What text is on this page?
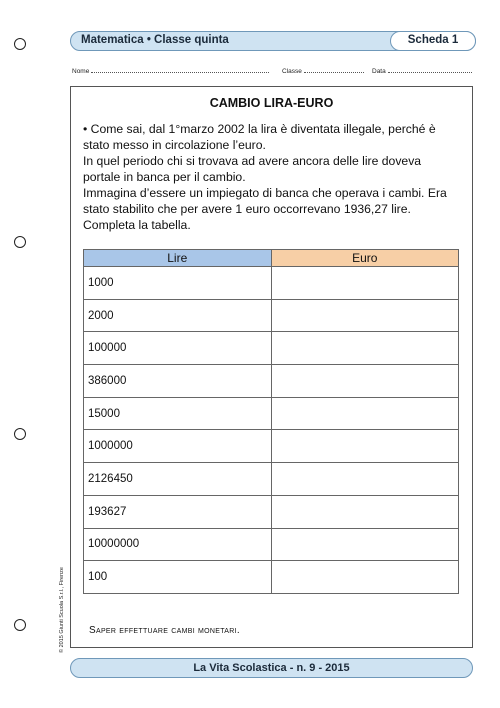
Matematica • Classe quinta	Scheda 1
Nome	Classe	Data
CAMBIO LIRA-EURO

• Come sai, dal 1°marzo 2002 la lira è diventata illegale, perché è stato messo in circolazione l’euro.

In quel periodo chi si trovava ad avere ancora delle lire doveva portale in banca per il cambio.

Immagina d’essere un impiegato di banca che operava i cambi. Era stato stabilito che per avere 1 euro occorrevano 1936,27 lire. Completa la tabella.

Lire	Euro
1000	
2000	
100000	
386000	
15000	
1000000	
2126450	
193627	
10000000	
100	
Saper effettuare cambi monetari.
© 2015 Giunti Scuola S.r.l., Firenze
La Vita Scolastica - n. 9 - 2015
